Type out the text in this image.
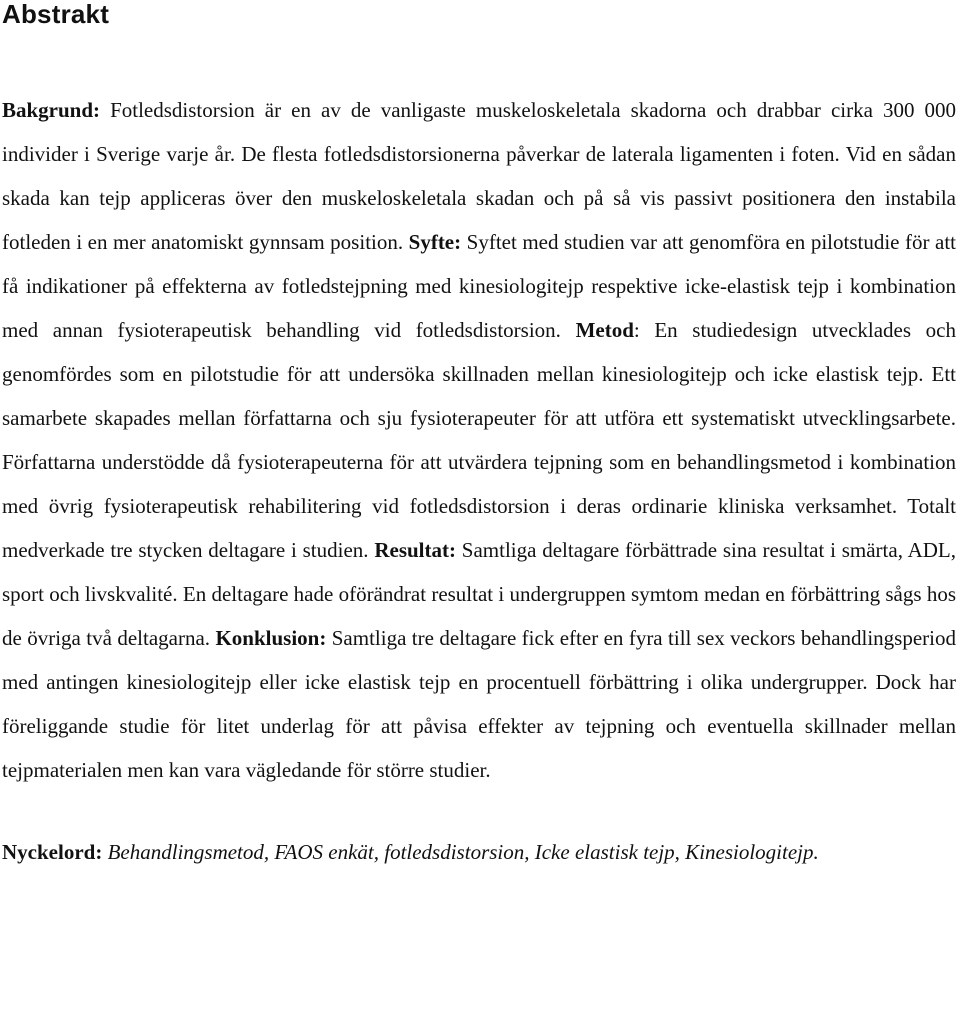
Abstrakt

Bakgrund: Fotledsdistorsion är en av de vanligaste muskeloskeletala skadorna och drabbar cirka 300 000 individer i Sverige varje år. De flesta fotledsdistorsionerna påverkar de laterala ligamenten i foten. Vid en sådan skada kan tejp appliceras över den muskeloskeletala skadan och på så vis passivt positionera den instabila fotleden i en mer anatomiskt gynnsam position. Syfte: Syftet med studien var att genomföra en pilotstudie för att få indikationer på effekterna av fotledstejpning med kinesiologitejp respektive icke-elastisk tejp i kombination med annan fysioterapeutisk behandling vid fotledsdistorsion. Metod: En studiedesign utvecklades och genomfördes som en pilotstudie för att undersöka skillnaden mellan kinesiologitejp och icke elastisk tejp. Ett samarbete skapades mellan författarna och sju fysioterapeuter för att utföra ett systematiskt utvecklingsarbete. Författarna understödde då fysioterapeuterna för att utvärdera tejpning som en behandlingsmetod i kombination med övrig fysioterapeutisk rehabilitering vid fotledsdistorsion i deras ordinarie kliniska verksamhet. Totalt medverkade tre stycken deltagare i studien. Resultat: Samtliga deltagare förbättrade sina resultat i smärta, ADL, sport och livskvalité. En deltagare hade oförändrat resultat i undergruppen symtom medan en förbättring sågs hos de övriga två deltagarna. Konklusion: Samtliga tre deltagare fick efter en fyra till sex veckors behandlingsperiod med antingen kinesiologitejp eller icke elastisk tejp en procentuell förbättring i olika undergrupper. Dock har föreliggande studie för litet underlag för att påvisa effekter av tejpning och eventuella skillnader mellan tejpmaterialen men kan vara vägledande för större studier.

Nyckelord: Behandlingsmetod, FAOS enkät, fotledsdistorsion, Icke elastisk tejp, Kinesiologitejp.
